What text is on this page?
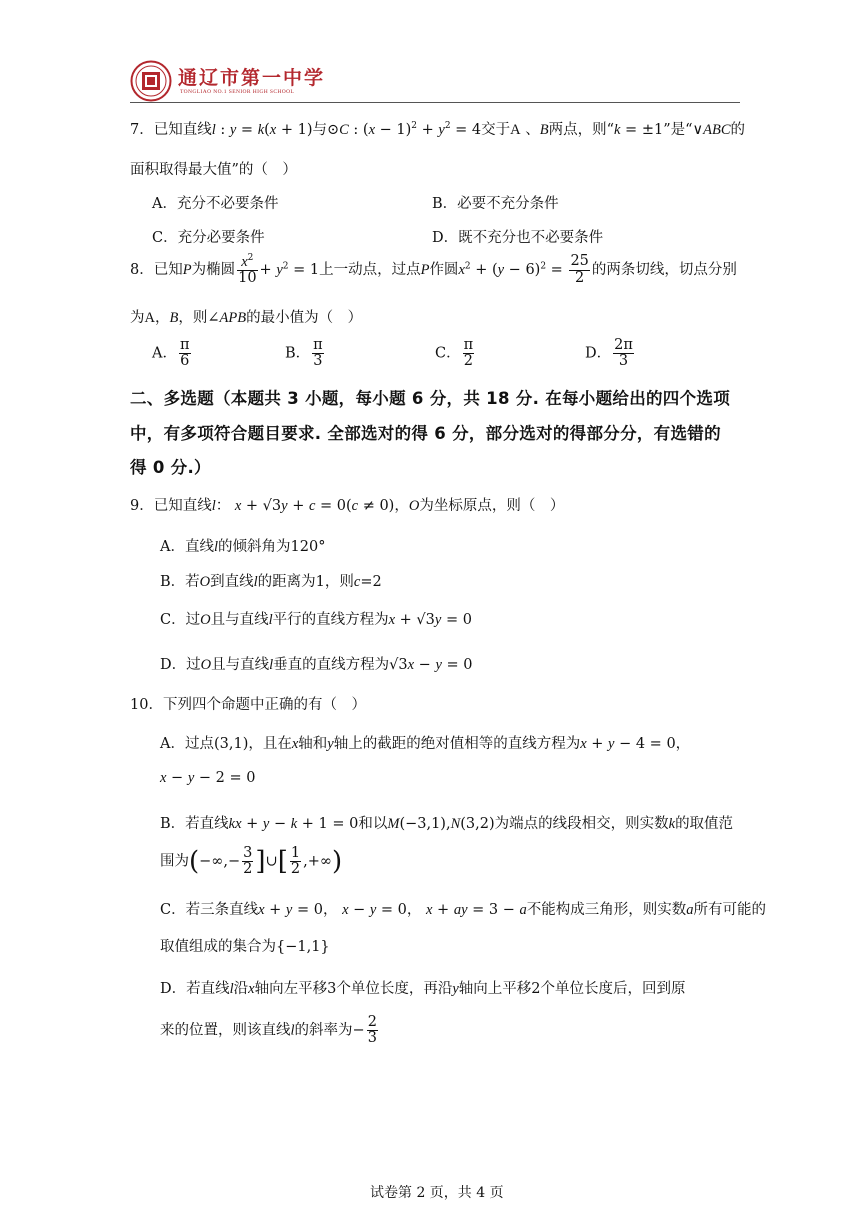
通辽市第一中学
TONGLIAO NO.1 SENIOR HIGH SCHOOL
7．已知直线l : y = k(x + 1)与⊙C : $(x - 1)^2 + y^2 = 4$交于A 、B两点，则“k = ±1”是“∨ABC的
面积取得最大值”的（　）
A．充分不必要条件	B．必要不充分条件
C．充分必要条件	D．既不充分也不必要条件
8．已知P为椭圆 $\frac{x^2}{10} + y^2 = 1$上一动点，过点P作圆$x^2 + (y - 6)^2 = \frac{25}{2}$ 的两条切线，切点分别
为A，B，则∠APB的最小值为（　）
A． $\frac{\pi}{6}$	B． $\frac{\pi}{3}$	C． $\frac{\pi}{2}$	D． $\frac{2\pi}{3}$
二、多选题（本题共 3 小题，每小题 6 分，共 18 分. 在每小题给出的四个选项
中，有多项符合题目要求. 全部选对的得 6 分，部分选对的得部分分，有选错的
得 0 分.）
9．已知直线l： x + √3y + c = 0(c ≠ 0)，O为坐标原点，则（　）
A．直线l的倾斜角为120°
B．若O到直线l的距离为1，则c=2
C．过O且与直线l平行的直线方程为x + √3y = 0
D．过O且与直线l垂直的直线方程为√3x − y = 0
10．下列四个命题中正确的有（　）
A．过点(3,1)，且在x轴和y轴上的截距的绝对值相等的直线方程为x + y − 4 = 0，
x − y − 2 = 0
B．若直线kx + y − k + 1 = 0和以M(−3,1),N(3,2)为端点的线段相交，则实数k的取值范
围为(−∞,− $\frac{3}{2}$ ]∪[ $\frac{1}{2}$ ,+∞)
C．若三条直线x + y = 0， x − y = 0， x + ay = 3 − a不能构成三角形，则实数a所有可能的
取值组成的集合为{−1,1}
D．若直线l沿x轴向左平移3个单位长度，再沿y轴向上平移2个单位长度后，回到原
来的位置，则该直线l的斜率为− $\frac{2}{3}$
试卷第 2 页，共 4 页
